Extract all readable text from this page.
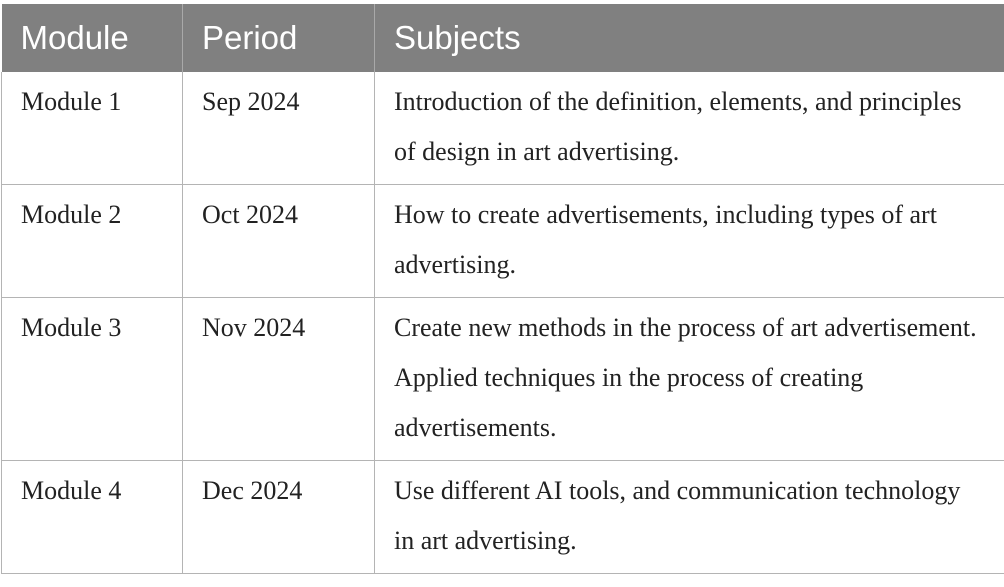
Module	Period	Subjects
Module 1	Sep 2024	Introduction of the definition, elements, and principles of design in art advertising.
Module 2	Oct 2024	How to create advertisements, including types of art advertising.
Module 3	Nov 2024	Create new methods in the process of art advertisement. Applied techniques in the process of creating advertisements.
Module 4	Dec 2024	Use different AI tools, and communication technology in art advertising.
